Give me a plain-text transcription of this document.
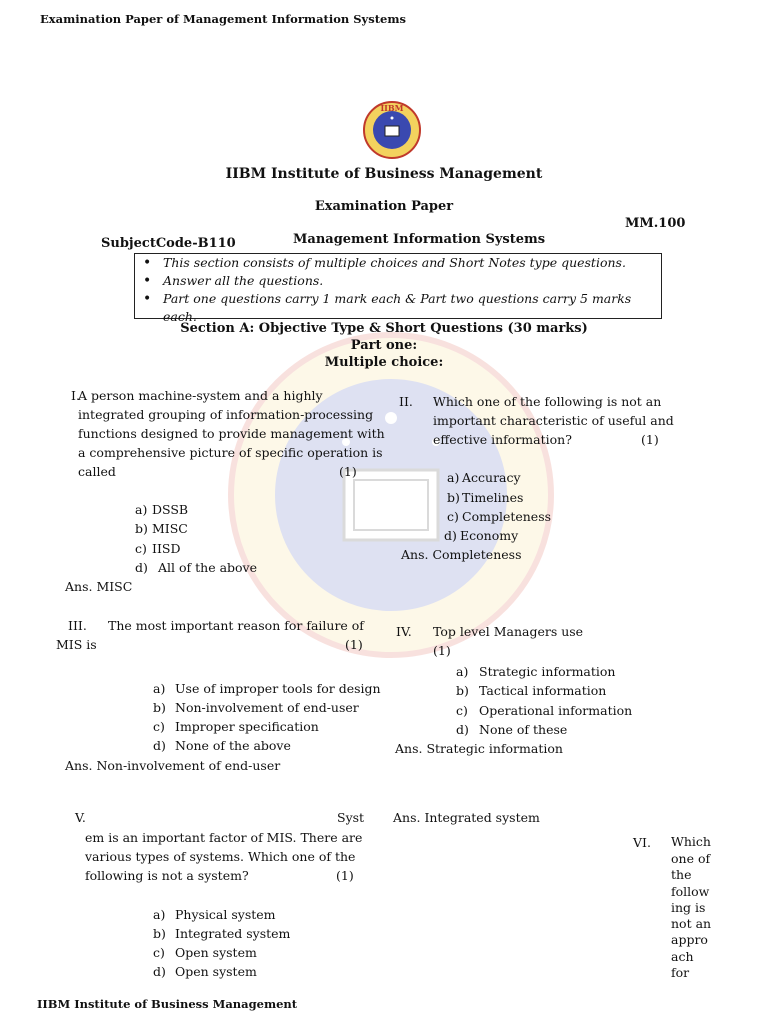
Examination Paper of Management Information Systems
IIBM
IIBM Institute of Business Management
Examination Paper
MM.100
SubjectCode-B110	Management Information Systems
• This section consists of multiple choices and Short Notes type questions.
• Answer all the questions.
• Part one questions carry 1 mark each & Part two questions carry 5 marks each.
Section A: Objective Type & Short Questions (30 marks)
Part one:
Multiple choice:
I.
A person machine-system and a highly
integrated grouping of information-processing
functions designed to provide management with
a comprehensive picture of specific operation is
called	(1)
a) DSSB
b) MISC
c) IISD
d) All of the above
Ans. MISC
II. Which one of the following is not an
important characteristic of useful and
effective information?	(1)
a) Accuracy
b) Timelines
c) Completeness
d) Economy
Ans. Completeness
III. The most important reason for failure of
MIS is	(1)
a) Use of improper tools for design
b) Non-involvement of end-user
c) Improper specification
d) None of the above
Ans. Non-involvement of end-user
IV. Top level Managers use
(1)
a) Strategic information
b) Tactical information
c) Operational information
d) None of these
Ans. Strategic information
V.	Syst
em is an important factor of MIS. There are
various types of systems. Which one of the
following is not a system?	(1)
a) Physical system
b) Integrated system
c) Open system
d) Open system
Ans. Integrated system
VI. Which
one of
the
follow
ing is
not an
appro
ach
for
IIBM Institute of Business Management
